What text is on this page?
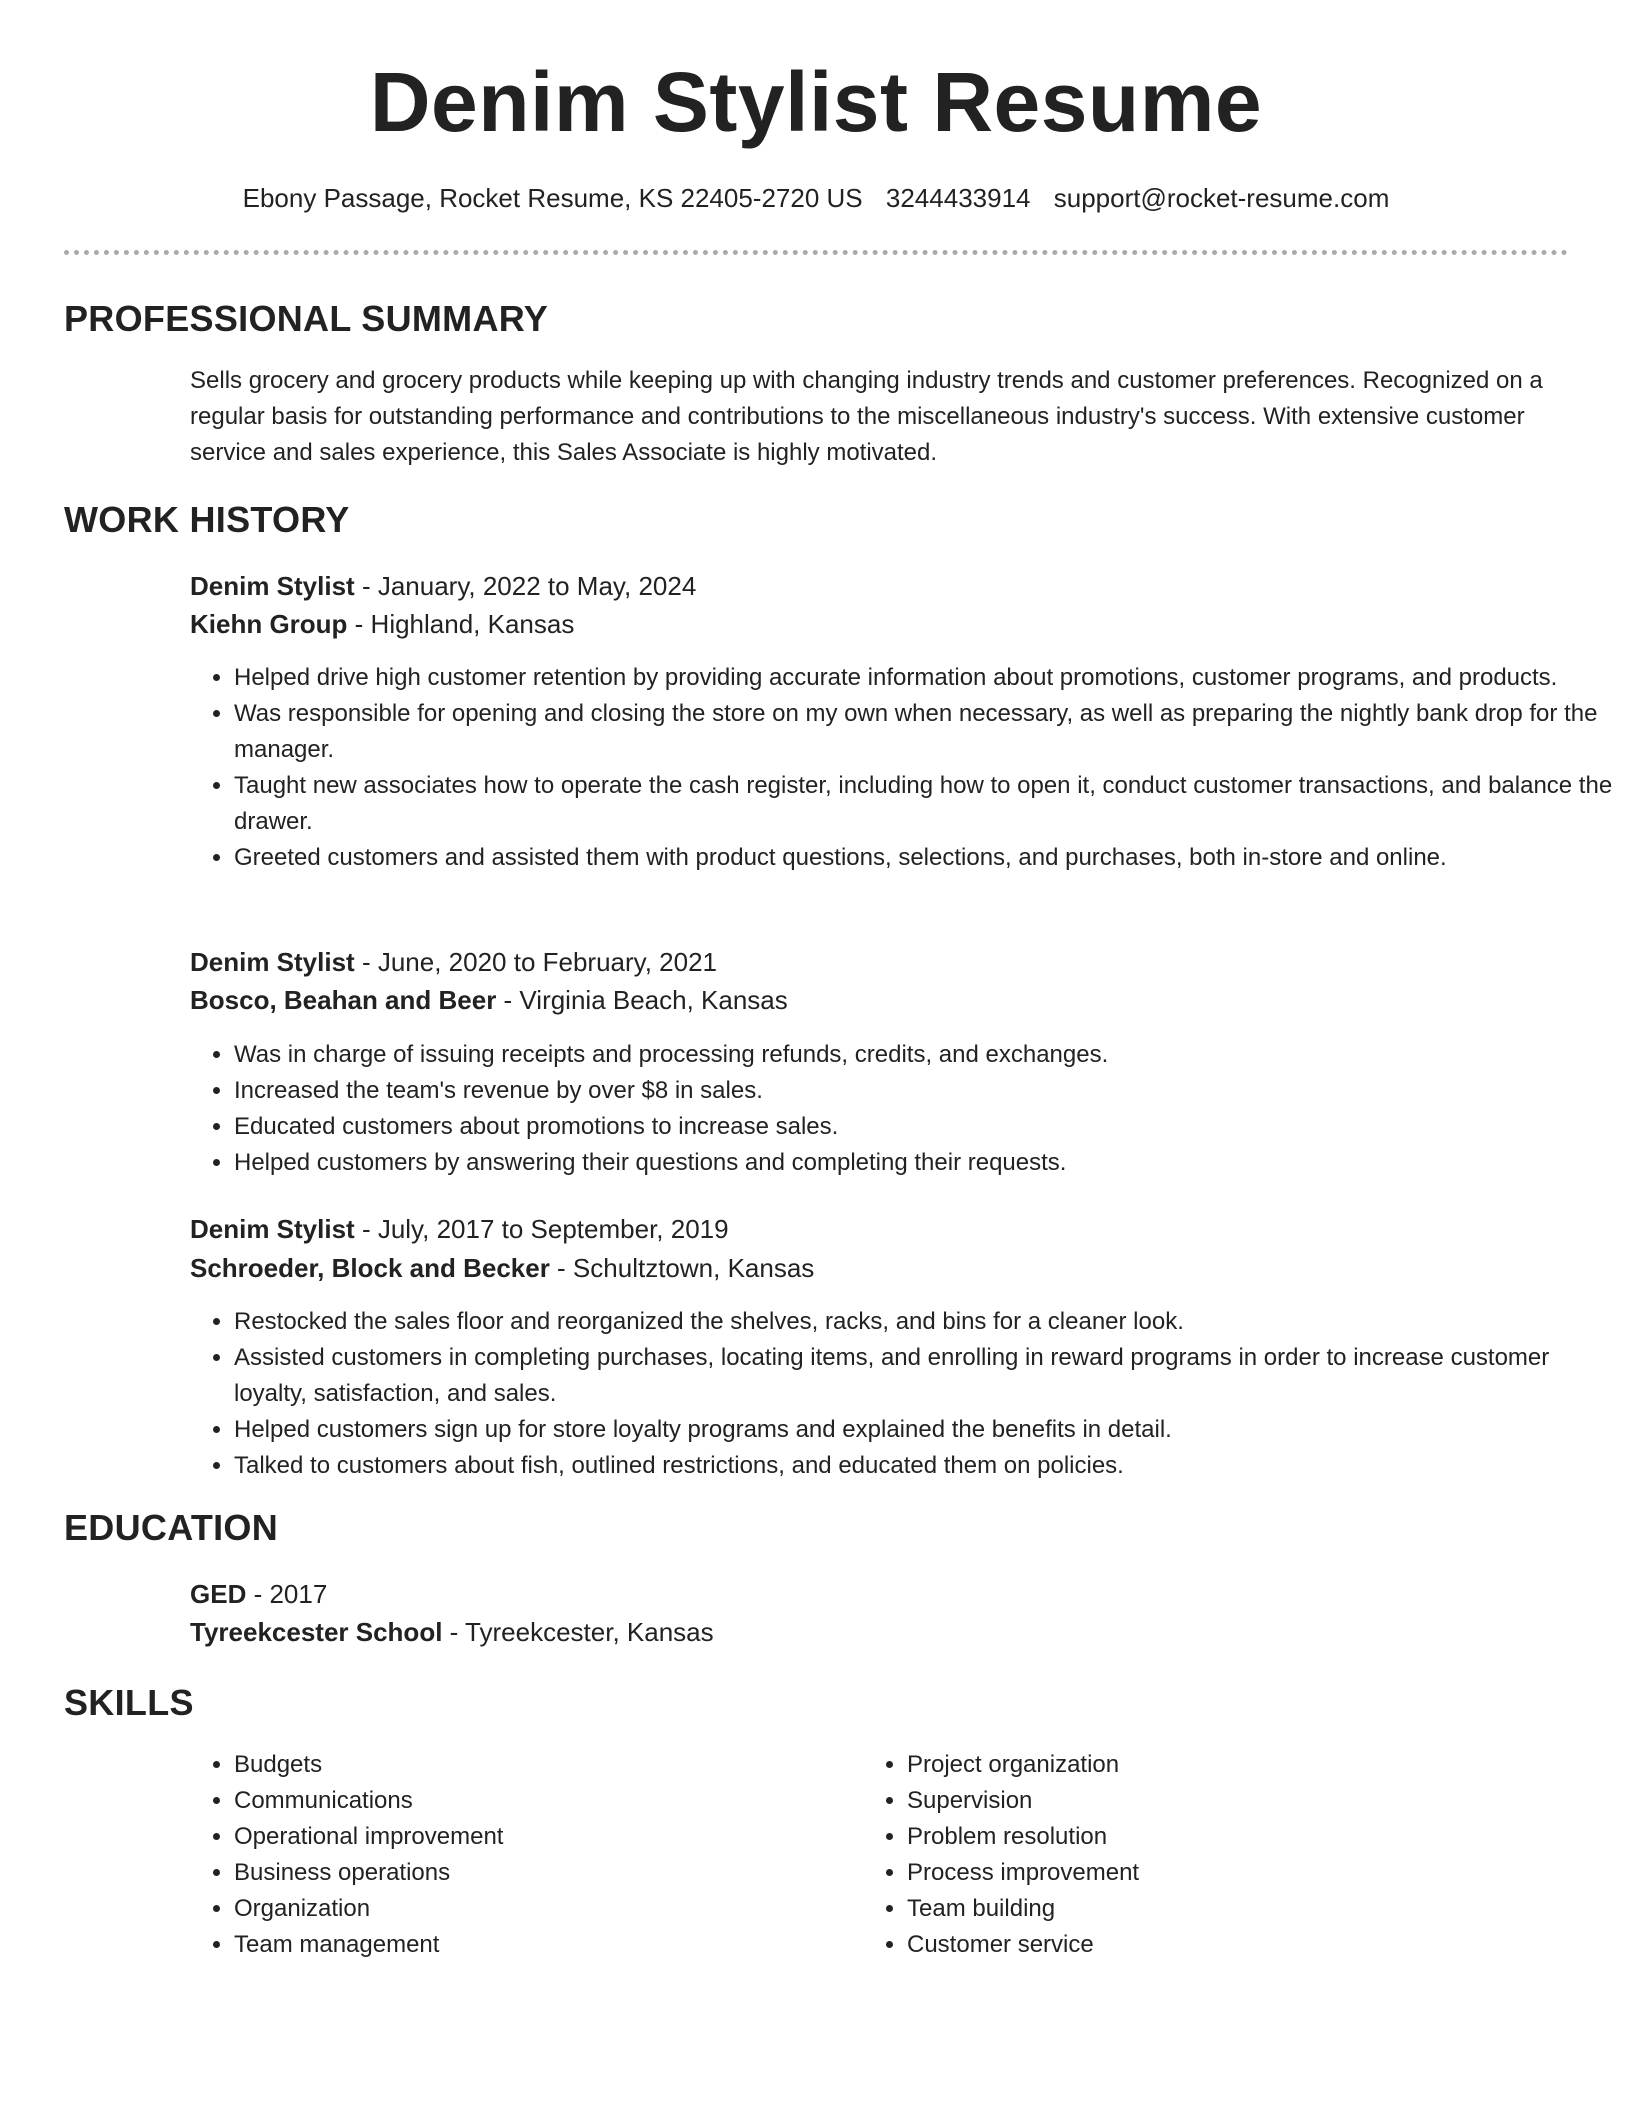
Denim Stylist Resume
Ebony Passage, Rocket Resume, KS 22405-2720 US 3244433914 support@rocket-resume.com
PROFESSIONAL SUMMARY
Sells grocery and grocery products while keeping up with changing industry trends and customer preferences. Recognized on a regular basis for outstanding performance and contributions to the miscellaneous industry's success. With extensive customer service and sales experience, this Sales Associate is highly motivated.
WORK HISTORY
Denim Stylist - January, 2022 to May, 2024
Kiehn Group - Highland, Kansas
• Helped drive high customer retention by providing accurate information about promotions, customer programs, and products.
• Was responsible for opening and closing the store on my own when necessary, as well as preparing the nightly bank drop for the manager.
• Taught new associates how to operate the cash register, including how to open it, conduct customer transactions, and balance the drawer.
• Greeted customers and assisted them with product questions, selections, and purchases, both in-store and online.
Denim Stylist - June, 2020 to February, 2021
Bosco, Beahan and Beer - Virginia Beach, Kansas
• Was in charge of issuing receipts and processing refunds, credits, and exchanges.
• Increased the team's revenue by over $8 in sales.
• Educated customers about promotions to increase sales.
• Helped customers by answering their questions and completing their requests.
Denim Stylist - July, 2017 to September, 2019
Schroeder, Block and Becker - Schultztown, Kansas
• Restocked the sales floor and reorganized the shelves, racks, and bins for a cleaner look.
• Assisted customers in completing purchases, locating items, and enrolling in reward programs in order to increase customer loyalty, satisfaction, and sales.
• Helped customers sign up for store loyalty programs and explained the benefits in detail.
• Talked to customers about fish, outlined restrictions, and educated them on policies.
EDUCATION
GED - 2017
Tyreekcester School - Tyreekcester, Kansas
SKILLS
• Budgets
• Communications
• Operational improvement
• Business operations
• Organization
• Team management
• Project organization
• Supervision
• Problem resolution
• Process improvement
• Team building
• Customer service
